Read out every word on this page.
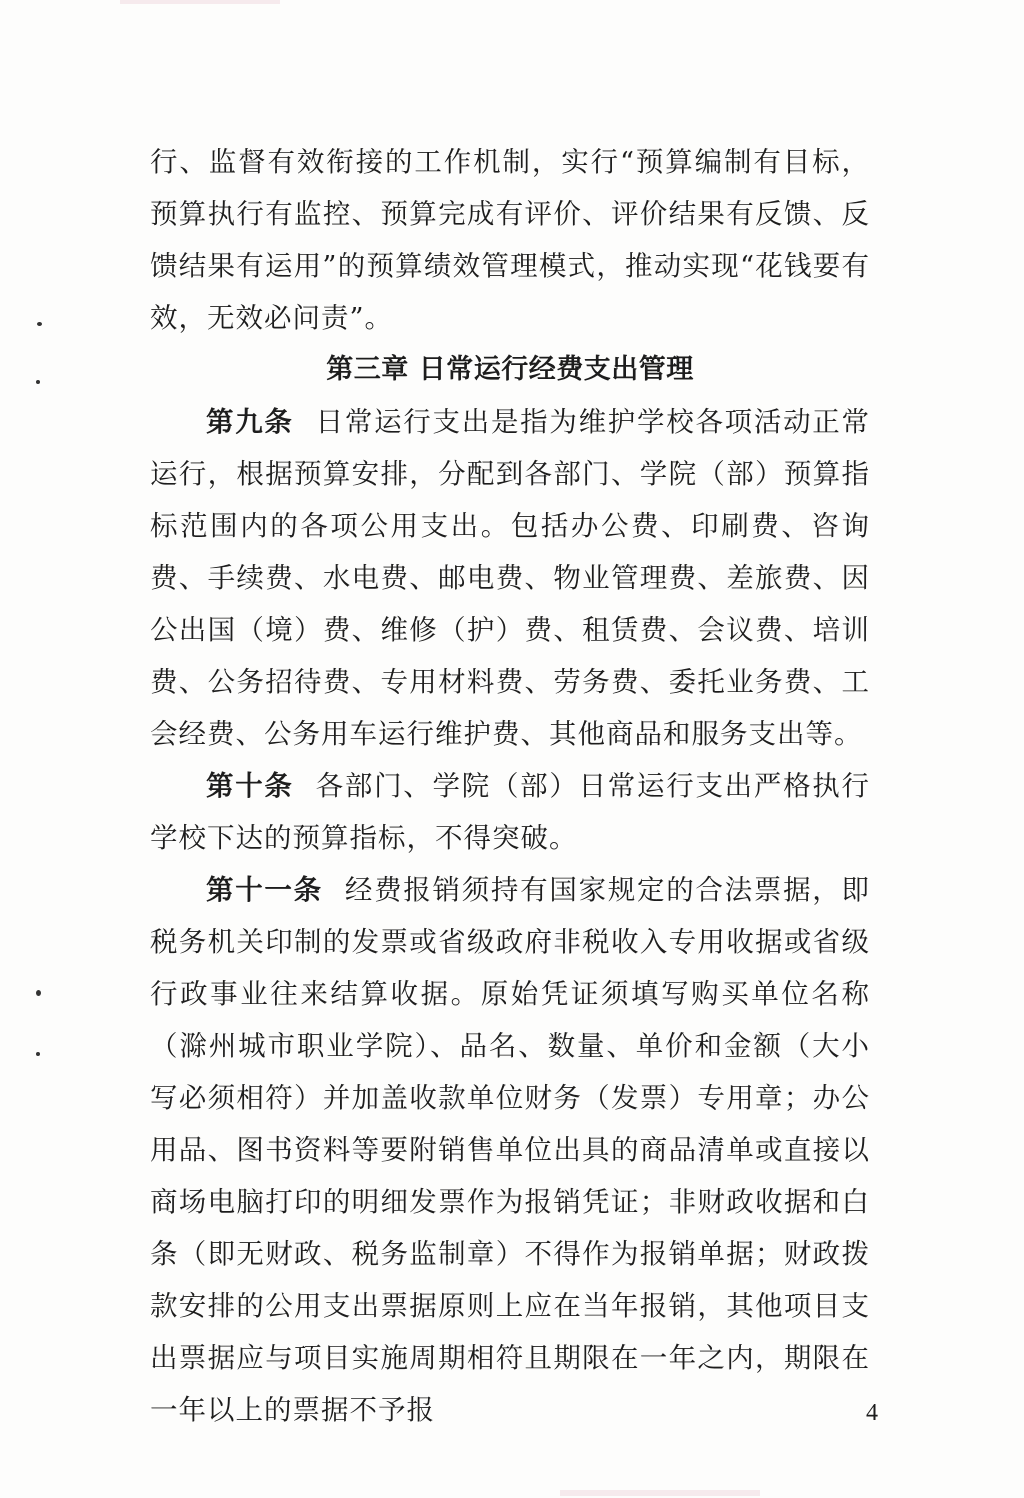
行、监督有效衔接的工作机制，实行“预算编制有目标，预算执行有监控、预算完成有评价、评价结果有反馈、反馈结果有运用”的预算绩效管理模式，推动实现“花钱要有效，无效必问责”。

第三章 日常运行经费支出管理

第九条 日常运行支出是指为维护学校各项活动正常运行，根据预算安排，分配到各部门、学院（部）预算指标范围内的各项公用支出。包括办公费、印刷费、咨询费、手续费、水电费、邮电费、物业管理费、差旅费、因公出国（境）费、维修（护）费、租赁费、会议费、培训费、公务招待费、专用材料费、劳务费、委托业务费、工会经费、公务用车运行维护费、其他商品和服务支出等。

第十条 各部门、学院（部）日常运行支出严格执行学校下达的预算指标，不得突破。

第十一条 经费报销须持有国家规定的合法票据，即税务机关印制的发票或省级政府非税收入专用收据或省级行政事业往来结算收据。原始凭证须填写购买单位名称（滁州城市职业学院）、品名、数量、单价和金额（大小写必须相符）并加盖收款单位财务（发票）专用章；办公用品、图书资料等要附销售单位出具的商品清单或直接以商场电脑打印的明细发票作为报销凭证；非财政收据和白条（即无财政、税务监制章）不得作为报销单据；财政拨款安排的公用支出票据原则上应在当年报销，其他项目支出票据应与项目实施周期相符且期限在一年之内，期限在一年以上的票据不予报	4
